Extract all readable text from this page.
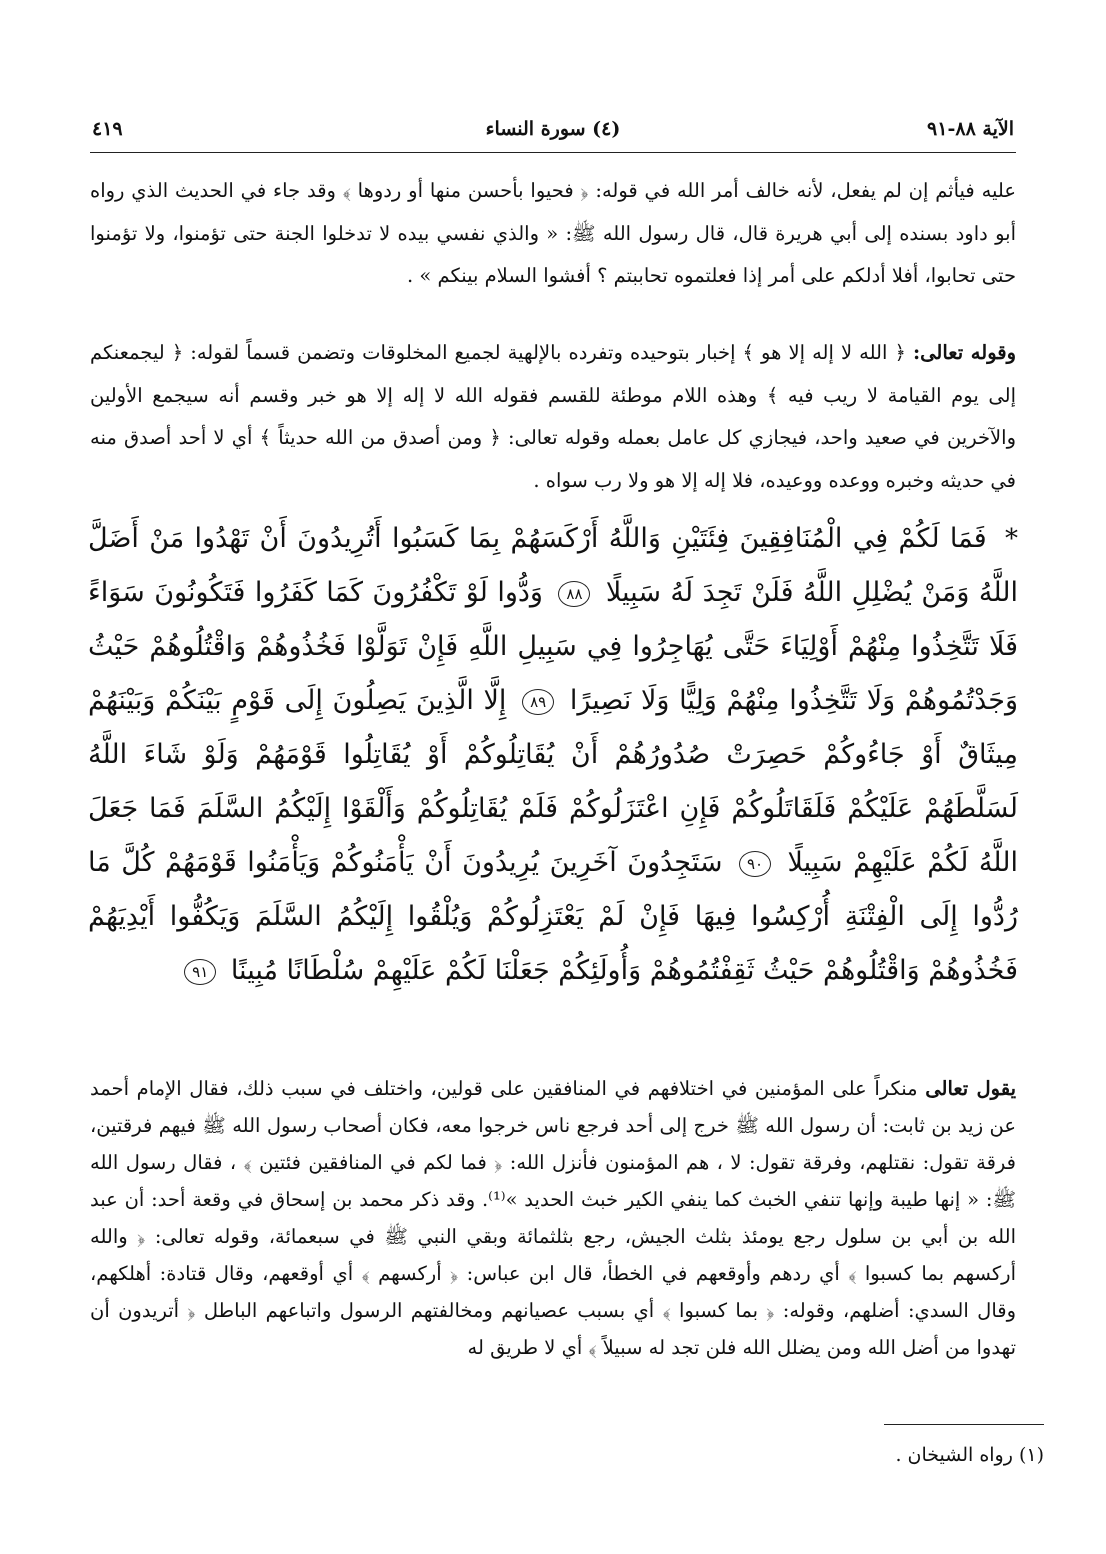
الآية ٨٨-٩١
(٤) سورة النساء
٤١٩

عليه فيأثم إن لم يفعل، لأنه خالف أمر الله في قوله: ﴿ فحيوا بأحسن منها أو ردوها ﴾ وقد جاء في الحديث الذي رواه أبو داود بسنده إلى أبي هريرة قال، قال رسول الله ﷺ: « والذي نفسي بيده لا تدخلوا الجنة حتى تؤمنوا، ولا تؤمنوا حتى تحابوا، أفلا أدلكم على أمر إذا فعلتموه تحاببتم ؟ أفشوا السلام بينكم » .

وقوله تعالى: ﴿ الله لا إله إلا هو ﴾ إخبار بتوحيده وتفرده بالإلهية لجميع المخلوقات وتضمن قسماً لقوله: ﴿ ليجمعنكم إلى يوم القيامة لا ريب فيه ﴾ وهذه اللام موطئة للقسم فقوله الله لا إله إلا هو خبر وقسم أنه سيجمع الأولين والآخرين في صعيد واحد، فيجازي كل عامل بعمله وقوله تعالى: ﴿ ومن أصدق من الله حديثاً ﴾ أي لا أحد أصدق منه في حديثه وخبره ووعده ووعيده، فلا إله إلا هو ولا رب سواه .

* فَمَا لَكُمْ فِي الْمُنَافِقِينَ فِئَتَيْنِ وَاللَّهُ أَرْكَسَهُمْ بِمَا كَسَبُوا أَتُرِيدُونَ أَنْ تَهْدُوا مَنْ أَضَلَّ اللَّهُ وَمَنْ يُضْلِلِ اللَّهُ فَلَنْ تَجِدَ لَهُ سَبِيلًا ٨٨ وَدُّوا لَوْ تَكْفُرُونَ كَمَا كَفَرُوا فَتَكُونُونَ سَوَاءً فَلَا تَتَّخِذُوا مِنْهُمْ أَوْلِيَاءَ حَتَّى يُهَاجِرُوا فِي سَبِيلِ اللَّهِ فَإِنْ تَوَلَّوْا فَخُذُوهُمْ وَاقْتُلُوهُمْ حَيْثُ وَجَدْتُمُوهُمْ وَلَا تَتَّخِذُوا مِنْهُمْ وَلِيًّا وَلَا نَصِيرًا ٨٩ إِلَّا الَّذِينَ يَصِلُونَ إِلَى قَوْمٍ بَيْنَكُمْ وَبَيْنَهُمْ مِيثَاقٌ أَوْ جَاءُوكُمْ حَصِرَتْ صُدُورُهُمْ أَنْ يُقَاتِلُوكُمْ أَوْ يُقَاتِلُوا قَوْمَهُمْ وَلَوْ شَاءَ اللَّهُ لَسَلَّطَهُمْ عَلَيْكُمْ فَلَقَاتَلُوكُمْ فَإِنِ اعْتَزَلُوكُمْ فَلَمْ يُقَاتِلُوكُمْ وَأَلْقَوْا إِلَيْكُمُ السَّلَمَ فَمَا جَعَلَ اللَّهُ لَكُمْ عَلَيْهِمْ سَبِيلًا ٩٠ سَتَجِدُونَ آخَرِينَ يُرِيدُونَ أَنْ يَأْمَنُوكُمْ وَيَأْمَنُوا قَوْمَهُمْ كُلَّ مَا رُدُّوا إِلَى الْفِتْنَةِ أُرْكِسُوا فِيهَا فَإِنْ لَمْ يَعْتَزِلُوكُمْ وَيُلْقُوا إِلَيْكُمُ السَّلَمَ وَيَكُفُّوا أَيْدِيَهُمْ فَخُذُوهُمْ وَاقْتُلُوهُمْ حَيْثُ ثَقِفْتُمُوهُمْ وَأُولَئِكُمْ جَعَلْنَا لَكُمْ عَلَيْهِمْ سُلْطَانًا مُبِينًا ٩١

يقول تعالى منكراً على المؤمنين في اختلافهم في المنافقين على قولين، واختلف في سبب ذلك، فقال الإمام أحمد عن زيد بن ثابت: أن رسول الله ﷺ خرج إلى أحد فرجع ناس خرجوا معه، فكان أصحاب رسول الله ﷺ فيهم فرقتين، فرقة تقول: نقتلهم، وفرقة تقول: لا ، هم المؤمنون فأنزل الله: ﴿ فما لكم في المنافقين فئتين ﴾ ، فقال رسول الله ﷺ: « إنها طيبة وإنها تنفي الخبث كما ينفي الكير خبث الحديد »⁽¹⁾. وقد ذكر محمد بن إسحاق في وقعة أحد: أن عبد الله بن أبي بن سلول رجع يومئذ بثلث الجيش، رجع بثلثمائة وبقي النبي ﷺ في سبعمائة، وقوله تعالى: ﴿ والله أركسهم بما كسبوا ﴾ أي ردهم وأوقعهم في الخطأ، قال ابن عباس: ﴿ أركسهم ﴾ أي أوقعهم، وقال قتادة: أهلكهم، وقال السدي: أضلهم، وقوله: ﴿ بما كسبوا ﴾ أي بسبب عصيانهم ومخالفتهم الرسول واتباعهم الباطل ﴿ أتريدون أن تهدوا من أضل الله ومن يضلل الله فلن تجد له سبيلاً ﴾ أي لا طريق له

(١) رواه الشيخان .
